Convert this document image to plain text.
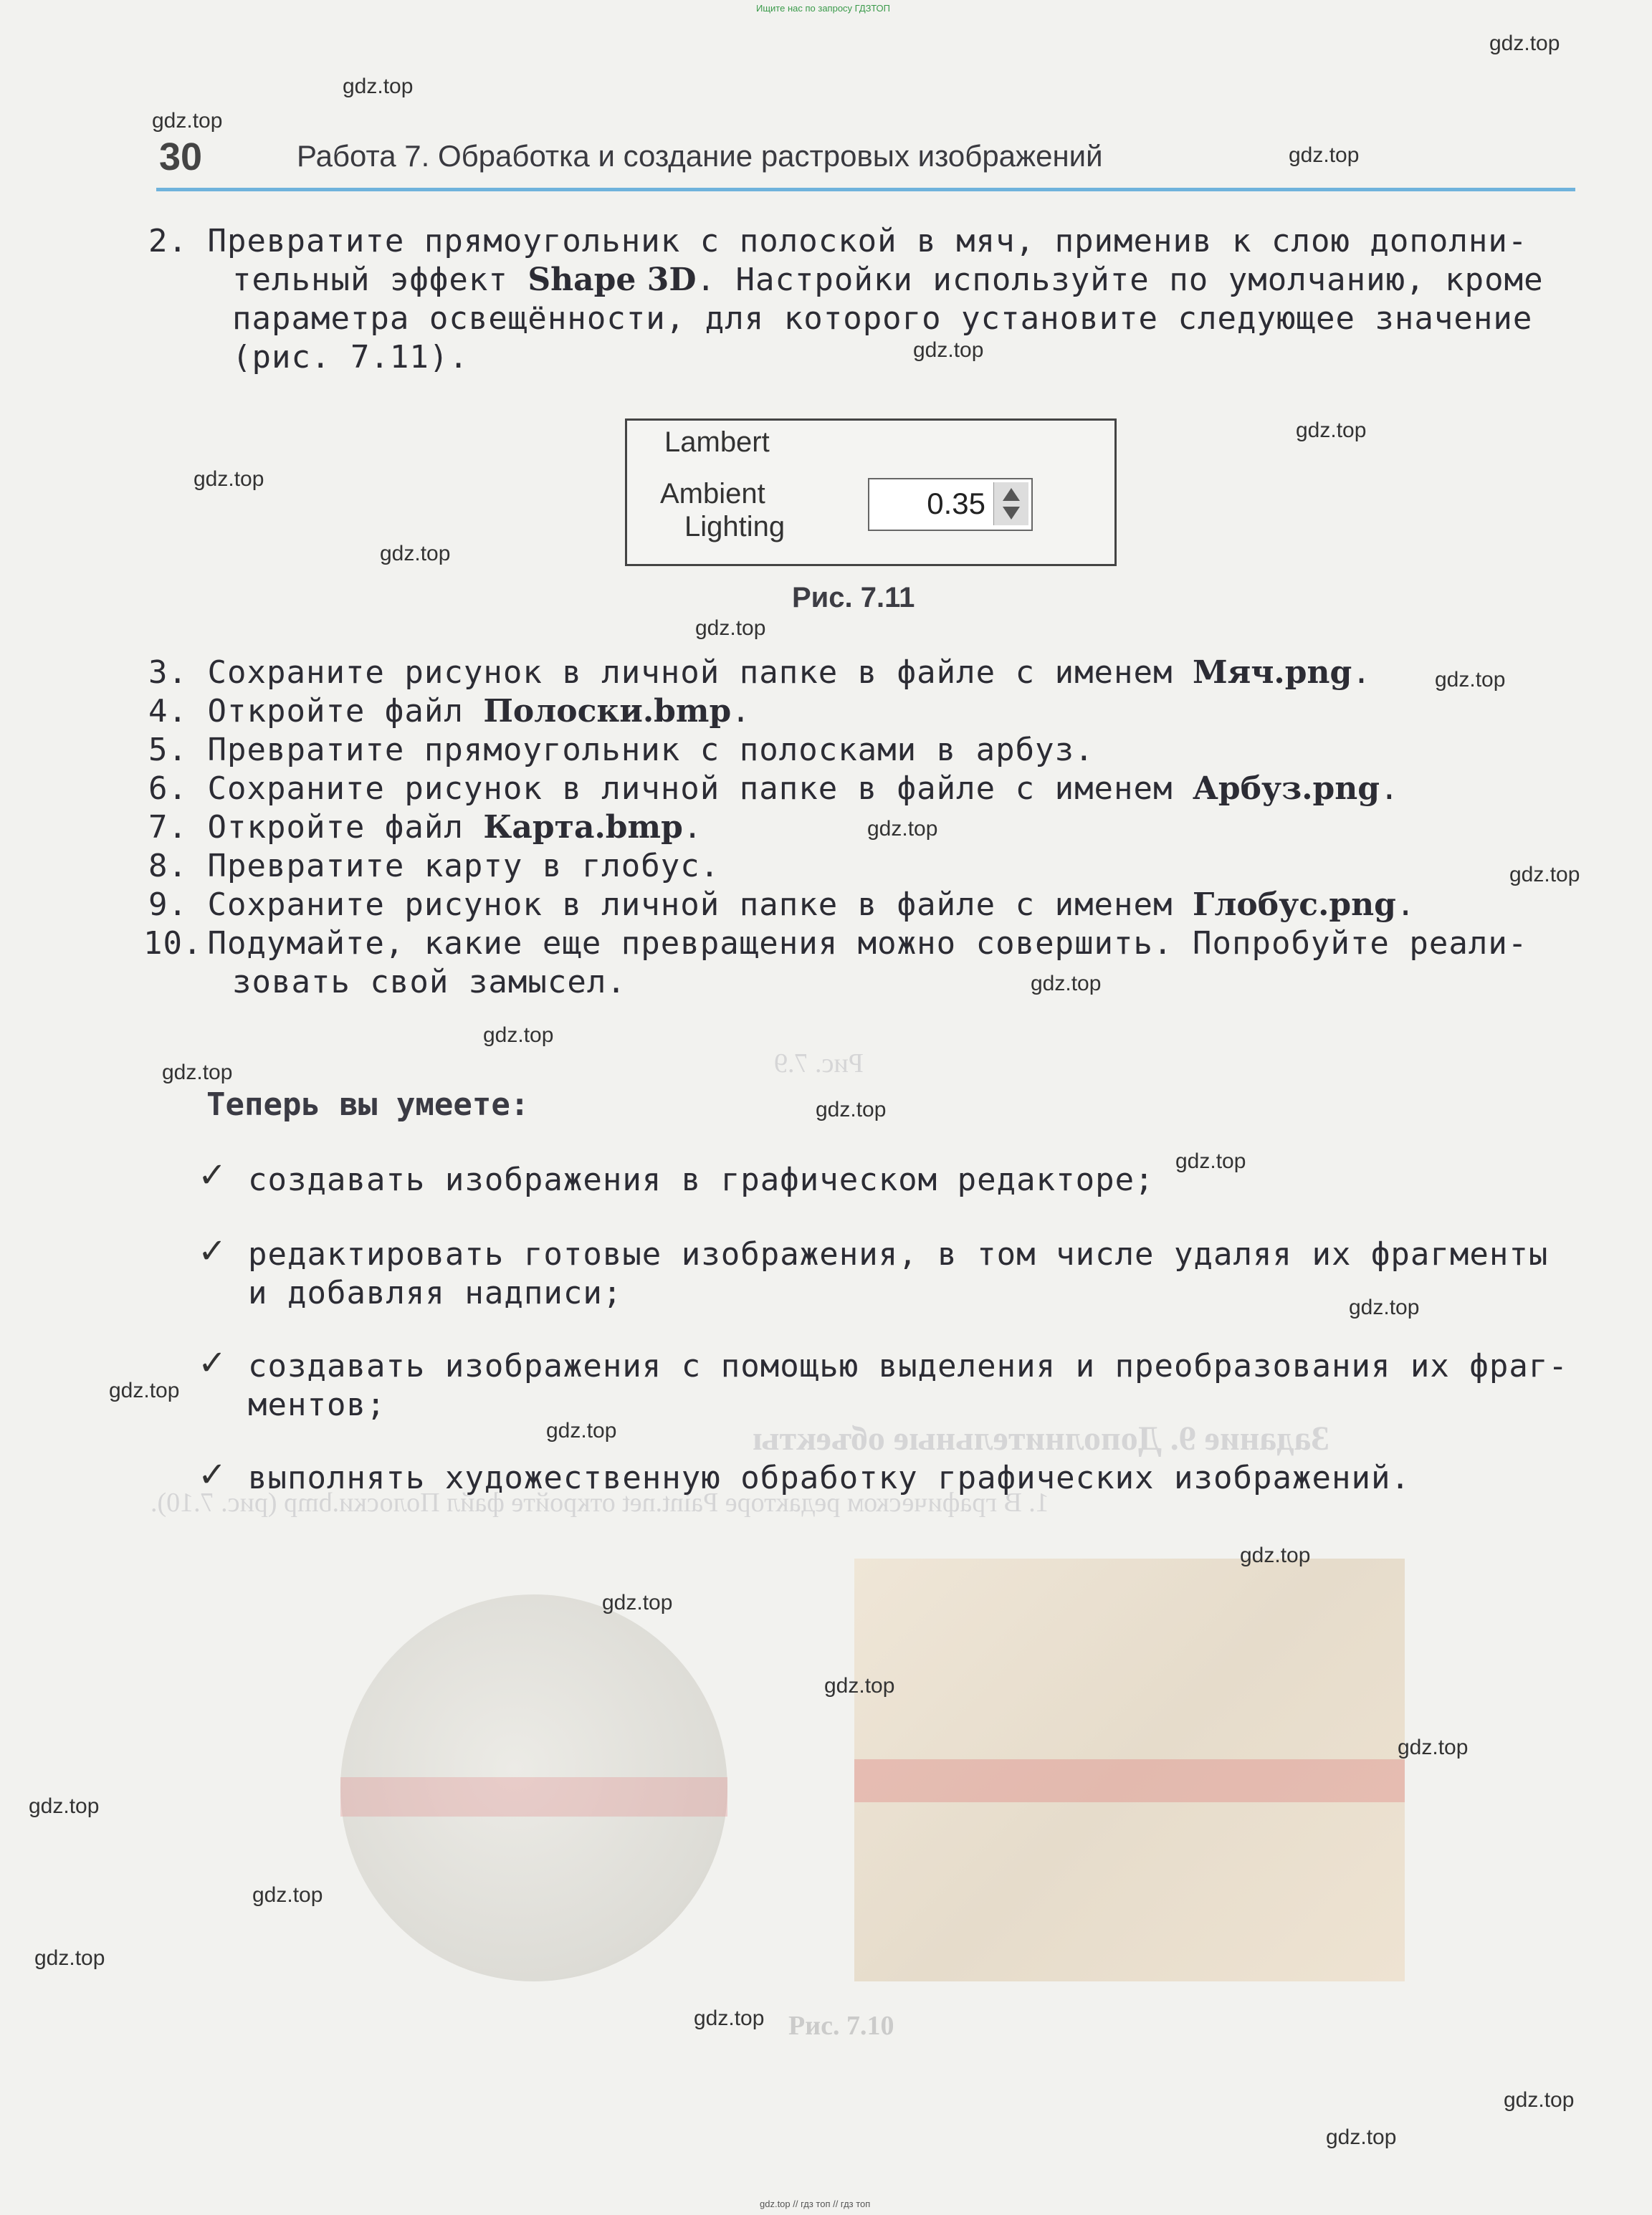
Ищите нас по запросу ГДЗТОП
gdz.top // гдз топ // гдз топ
Рис. 7.9
Задание 9. Дополнительные объекты
1. В графическом редакторе Paint.net откройте файл Полоски.bmp (рис. 7.10).
Рис. 7.10
30	Работа 7. Обработка и создание растровых изображений
2. Превратите прямоугольник с полоской в мяч, применив к слою дополни-
тельный эффект Shape 3D. Настройки используйте по умолчанию, кроме
параметра освещённости, для которого установите следующее значение
(рис. 7.11).
Lambert
Ambient
Lighting
0.35
Рис. 7.11
3. Сохраните рисунок в личной папке в файле с именем Мяч.png.
4. Откройте файл Полоски.bmp.
5. Превратите прямоугольник с полосками в арбуз.
6. Сохраните рисунок в личной папке в файле с именем Арбуз.png.
7. Откройте файл Карта.bmp.
8. Превратите карту в глобус.
9. Сохраните рисунок в личной папке в файле с именем Глобус.png.
10. Подумайте, какие еще превращения можно совершить. Попробуйте реали-
зовать свой замысел.
Теперь вы умеете:
✓ создавать изображения в графическом редакторе;
✓ редактировать готовые изображения, в том числе удаляя их фрагменты
и добавляя надписи;
✓ создавать изображения с помощью выделения и преобразования их фраг-
ментов;
✓ выполнять художественную обработку графических изображений.
gdz.top
gdz.top
gdz.top
gdz.top
gdz.top
gdz.top
gdz.top
gdz.top
gdz.top
gdz.top
gdz.top
gdz.top
gdz.top
gdz.top
gdz.top
gdz.top
gdz.top
gdz.top
gdz.top
gdz.top
gdz.top
gdz.top
gdz.top
gdz.top
gdz.top
gdz.top
gdz.top
gdz.top
gdz.top
gdz.top
